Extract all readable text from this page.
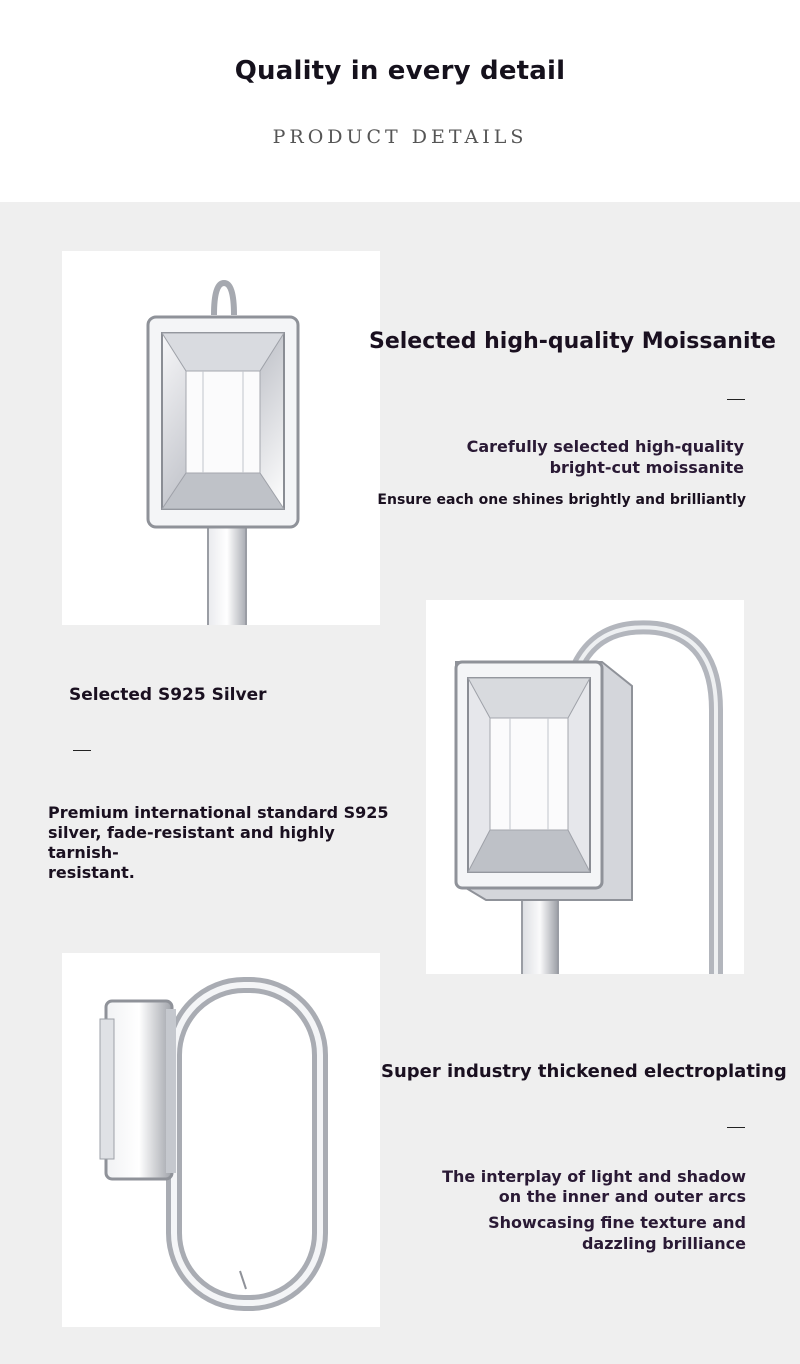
Quality in every detail
PRODUCT DETAILS
Selected high-quality Moissanite
Carefully selected high-quality
bright-cut moissanite
Ensure each one shines brightly and brilliantly
Selected S925 Silver
Premium international standard S925
silver, fade-resistant and highly tarnish-
resistant.
Super industry thickened electroplating
The interplay of light and shadow
on the inner and outer arcs
Showcasing fine texture and
dazzling brilliance
